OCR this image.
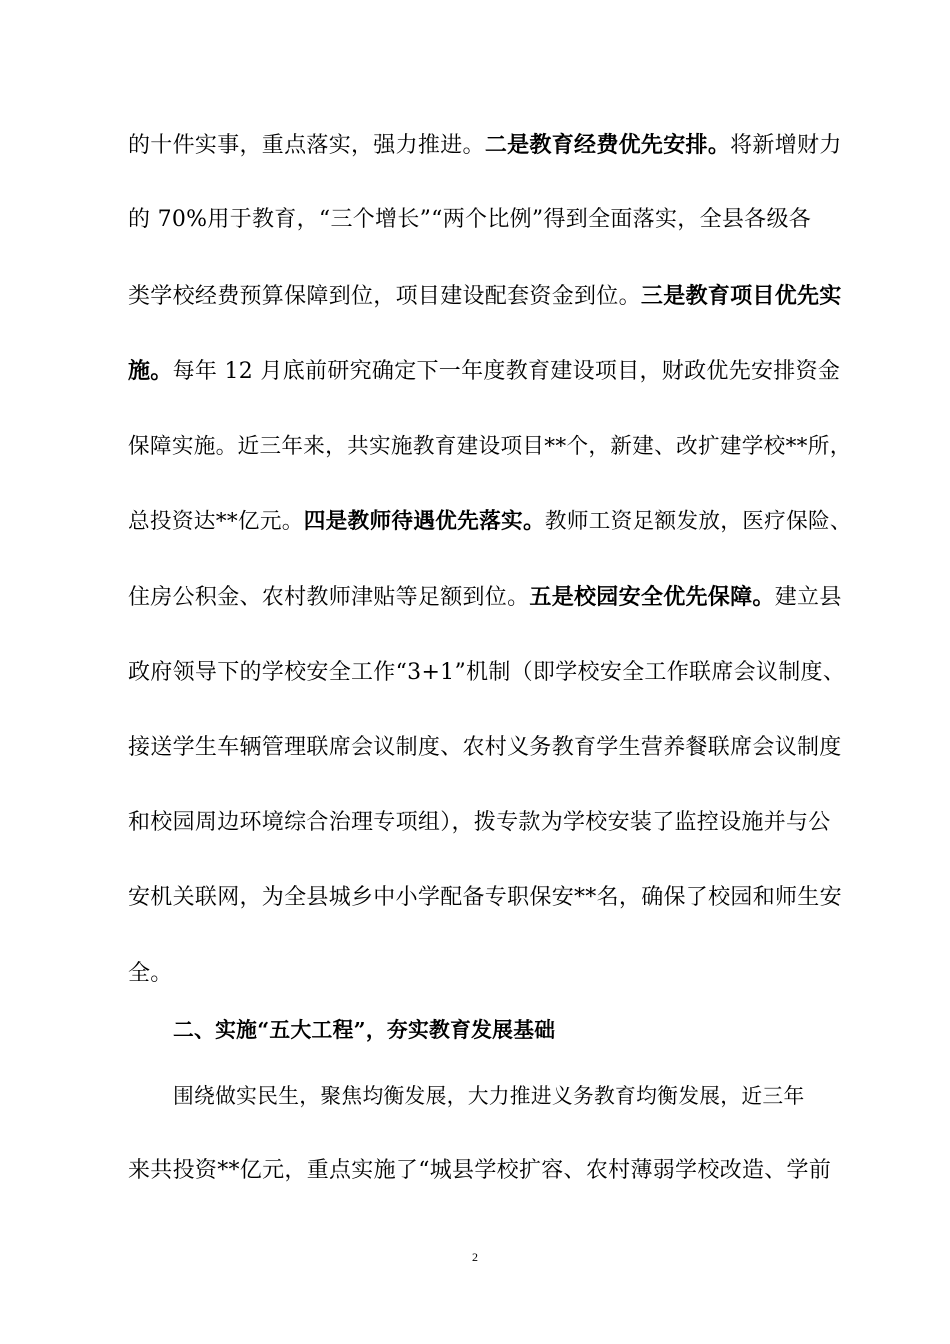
的十件实事，重点落实，强力推进。二是教育经费优先安排。将新增财力
的 70%用于教育，“三个增长”“两个比例”得到全面落实，全县各级各
类学校经费预算保障到位，项目建设配套资金到位。三是教育项目优先实
施。每年 12 月底前研究确定下一年度教育建设项目，财政优先安排资金
保障实施。近三年来，共实施教育建设项目**个，新建、改扩建学校**所，
总投资达**亿元。四是教师待遇优先落实。教师工资足额发放，医疗保险、
住房公积金、农村教师津贴等足额到位。五是校园安全优先保障。建立县
政府领导下的学校安全工作“3+1”机制（即学校安全工作联席会议制度、
接送学生车辆管理联席会议制度、农村义务教育学生营养餐联席会议制度
和校园周边环境综合治理专项组），拨专款为学校安装了监控设施并与公
安机关联网，为全县城乡中小学配备专职保安**名，确保了校园和师生安
全。
二、实施“五大工程”，夯实教育发展基础
围绕做实民生，聚焦均衡发展，大力推进义务教育均衡发展，近三年
来共投资**亿元，重点实施了“城县学校扩容、农村薄弱学校改造、学前
2
